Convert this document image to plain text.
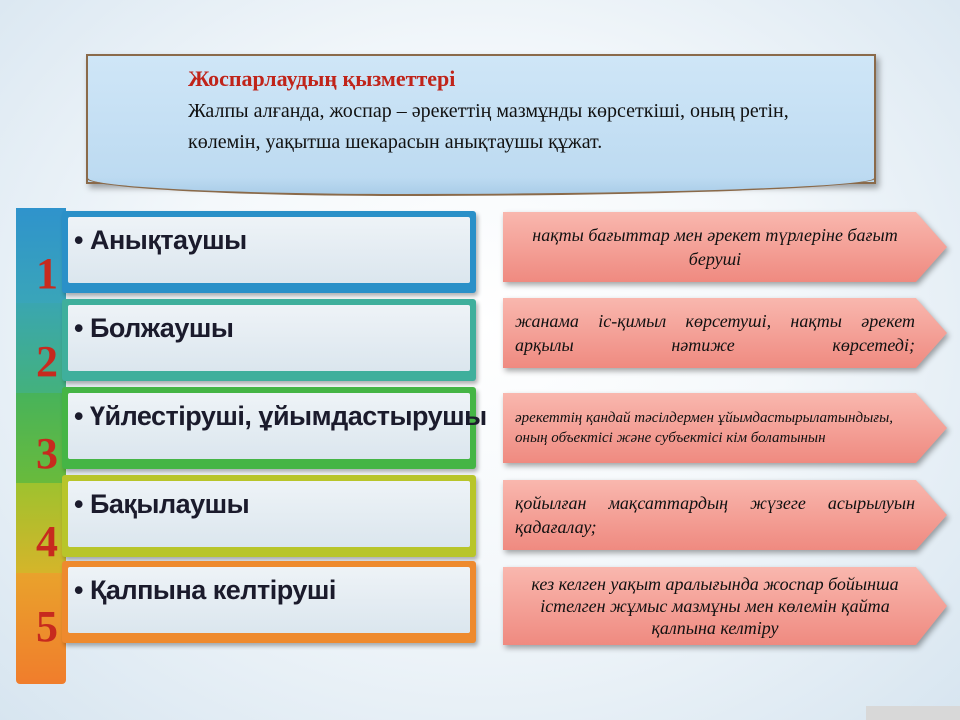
Жоспарлаудың қызметтері
Жалпы алғанда, жоспар – әрекеттің мазмұнды көрсеткіші, оның ретін, көлемін, уақытша шекарасын анықтаушы құжат.
1
2
3
4
5
• Анықтаушы
• Болжаушы
• Үйлестіруші, ұйымдастырушы
• Бақылаушы
• Қалпына келтіруші
нақты бағыттар мен әрекет түрлеріне бағыт беруші
жанама іс-қимыл көрсетуші, нақты әрекет арқылы нәтиже көрсетеді;
әрекеттің қандай тәсілдермен ұйымдастырылатындығы, оның объектісі және субъектісі кім болатынын
қойылған мақсаттардың жүзеге асырылуын қадағалау;
кез келген уақыт аралығында жоспар бойынша істелген жұмыс мазмұны мен көлемін қайта қалпына келтіру
